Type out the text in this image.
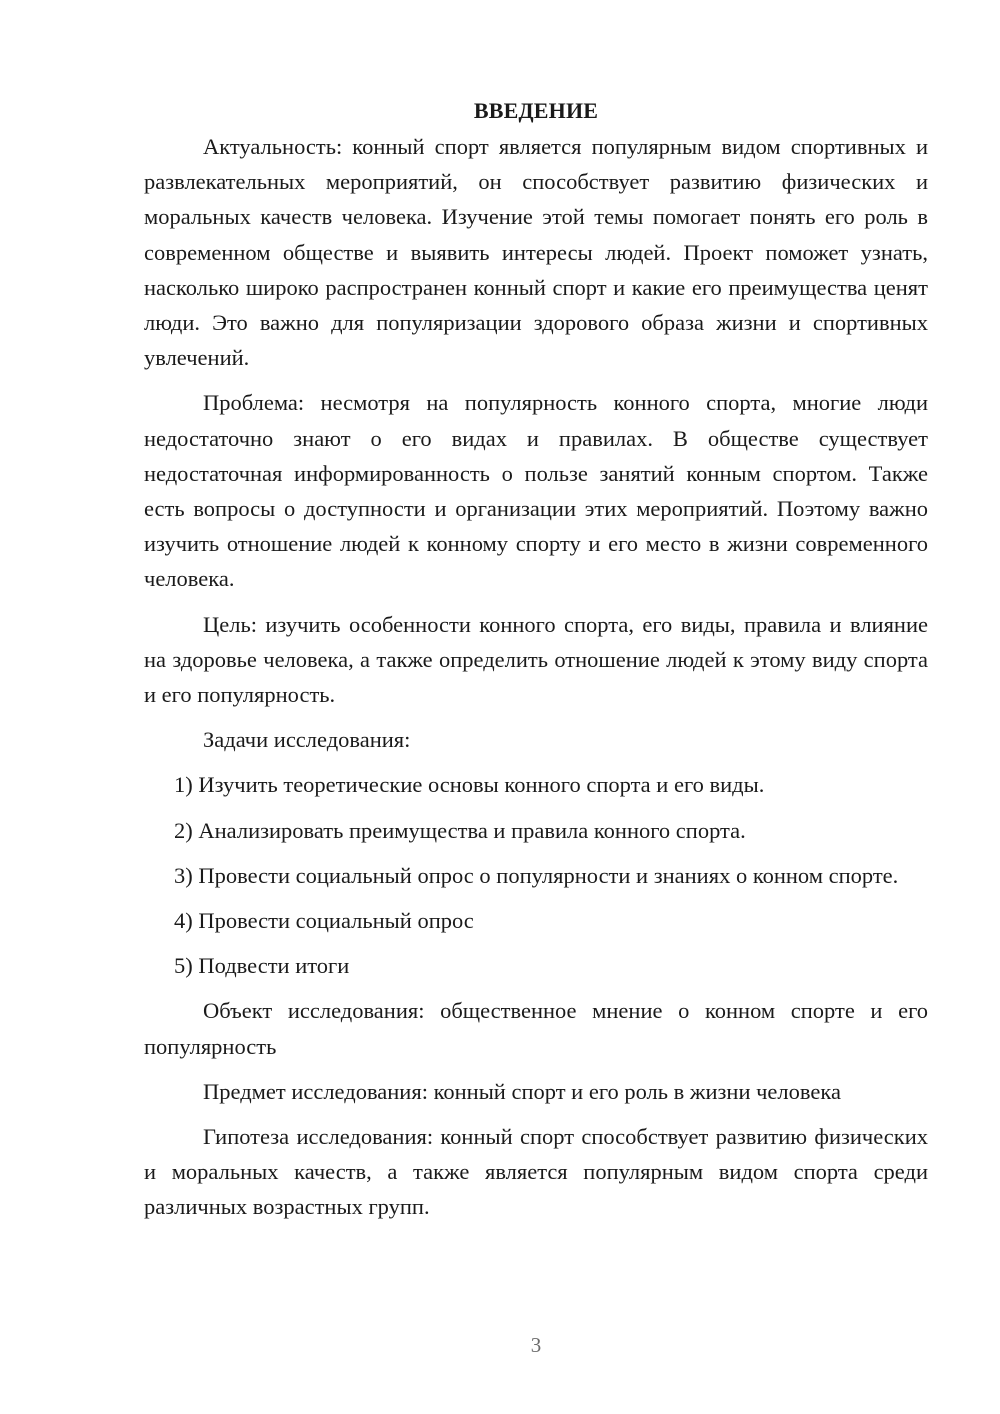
ВВЕДЕНИЕ

Актуальность: конный спорт является популярным видом спортивных и развлекательных мероприятий, он способствует развитию физических и моральных качеств человека. Изучение этой темы помогает понять его роль в современном обществе и выявить интересы людей. Проект поможет узнать, насколько широко распространен конный спорт и какие его преимущества ценят люди. Это важно для популяризации здорового образа жизни и спортивных увлечений.

Проблема: несмотря на популярность конного спорта, многие люди недостаточно знают о его видах и правилах. В обществе существует недостаточная информированность о пользе занятий конным спортом. Также есть вопросы о доступности и организации этих мероприятий. Поэтому важно изучить отношение людей к конному спорту и его место в жизни современного человека.

Цель: изучить особенности конного спорта, его виды, правила и влияние на здоровье человека, а также определить отношение людей к этому виду спорта и его популярность.

Задачи исследования:

1) Изучить теоретические основы конного спорта и его виды.

2) Анализировать преимущества и правила конного спорта.

3) Провести социальный опрос о популярности и знаниях о конном спорте.

4) Провести социальный опрос

5) Подвести итоги

Объект исследования: общественное мнение о конном спорте и его популярность

Предмет исследования: конный спорт и его роль в жизни человека

Гипотеза исследования: конный спорт способствует развитию физических и моральных качеств, а также является популярным видом спорта среди различных возрастных групп.

3
